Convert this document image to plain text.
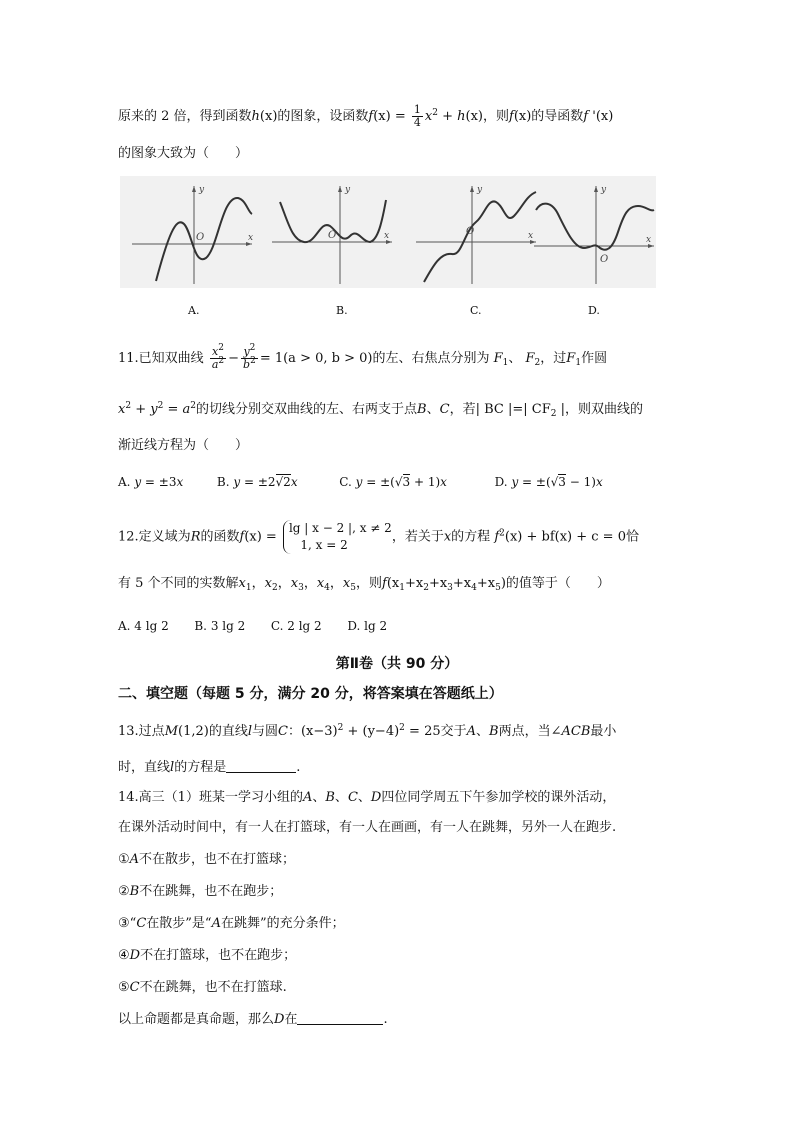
原来的 2 倍，得到函数h(x)的图象，设函数$f(x) = \frac{1}{4} x^2 + h(x)$，则f(x)的导函数f '(x)
的图象大致为（　　）
y
x
O
y
x
O
y
x
O
y
x
O
A.	B.	C.	D.
11.已知双曲线 $\frac{x^2}{a^2} - \frac{y^2}{b^2} = 1(a > 0$, b > 0)的左、右焦点分别为 $F_1$、 $F_2$，过$F_1$作圆
$x^2 + y^2 = a^2$的切线分别交双曲线的左、右两支于点B、C，若| BC |=| $CF_2$ |，则双曲线的
渐近线方程为（　　）
A. y = ±3x	B. y = ±2√2x	C. y = ±(√3 + 1)x	D. y = ±(√3 − 1)x
12.定义域为R的函数f(x) = lg | x − 2 |, x ≠ 2
1, x = 2，若关于x的方程 $f^2(x) + bf(x) + c = 0$恰
有 5 个不同的实数解$x_1$，$x_2$，$x_3$，$x_4$，$x_5$，则$f(x_1+x_2+x_3+x_4+x_5)$的值等于（　　）
A. 4 lg 2  B. 3 lg 2  C. 2 lg 2  D. lg 2
第Ⅱ卷（共 90 分）
二、填空题（每题 5 分，满分 20 分，将答案填在答题纸上）
13.过点M(1,2)的直线l与圆C：$(x-3)^2 + (y-4)^2 = 25$交于A、B两点，当∠ACB最小
时，直线l的方程是	.
14.高三（1）班某一学习小组的A、B、C、D四位同学周五下午参加学校的课外活动，
在课外活动时间中，有一人在打篮球，有一人在画画，有一人在跳舞，另外一人在跑步.
①A不在散步，也不在打篮球；
②B不在跳舞，也不在跑步；
③“C在散步”是“A在跳舞”的充分条件；
④D不在打篮球，也不在跑步；
⑤C不在跳舞，也不在打篮球.
以上命题都是真命题，那么D在	.
